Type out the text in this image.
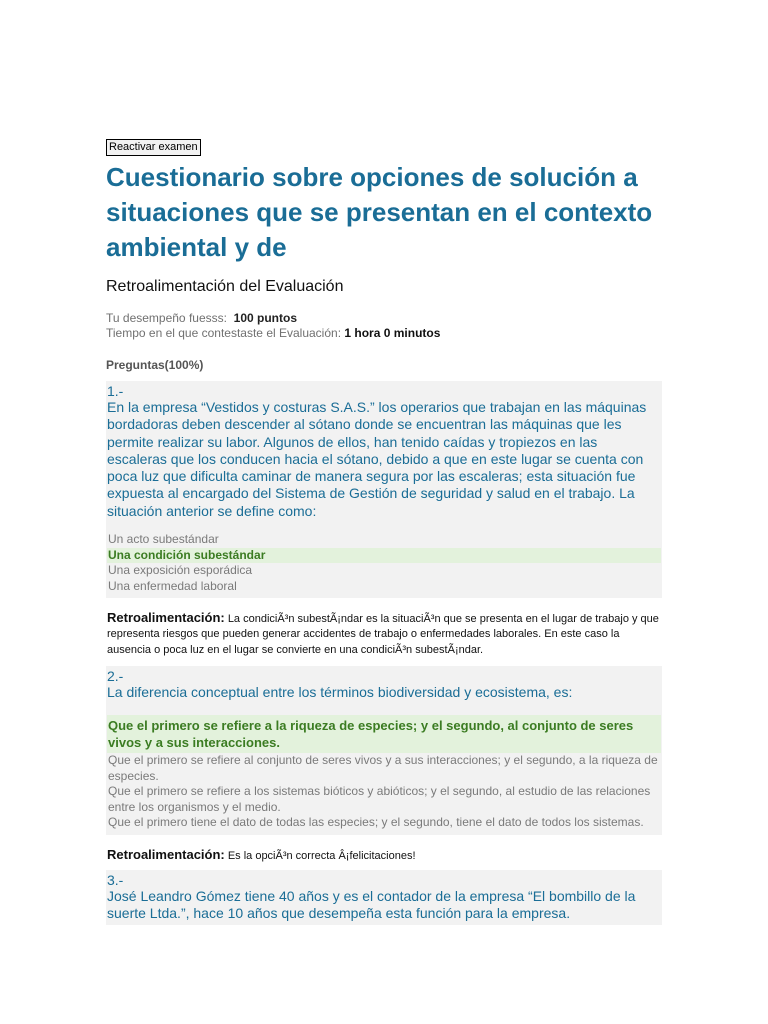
Reactivar examen
Cuestionario sobre opciones de solución a situaciones que se presentan en el contexto ambiental y de
Retroalimentación del Evaluación
Tu desempeño fuesss: 100 puntos
Tiempo en el que contestaste el Evaluación: 1 hora 0 minutos
Preguntas(100%)
1.-
En la empresa “Vestidos y costuras S.A.S.” los operarios que trabajan en las máquinas bordadoras deben descender al sótano donde se encuentran las máquinas que les permite realizar su labor. Algunos de ellos, han tenido caídas y tropiezos en las escaleras que los conducen hacia el sótano, debido a que en este lugar se cuenta con poca luz que dificulta caminar de manera segura por las escaleras; esta situación fue expuesta al encargado del Sistema de Gestión de seguridad y salud en el trabajo. La situación anterior se define como:
Un acto subestándar
Una condición subestándar
Una exposición esporádica
Una enfermedad laboral
Retroalimentación: La condiciÃ³n subestÃ¡ndar es la situaciÃ³n que se presenta en el lugar de trabajo y que representa riesgos que pueden generar accidentes de trabajo o enfermedades laborales. En este caso la ausencia o poca luz en el lugar se convierte en una condiciÃ³n subestÃ¡ndar.
2.-
La diferencia conceptual entre los términos biodiversidad y ecosistema, es:
Que el primero se refiere a la riqueza de especies; y el segundo, al conjunto de seres vivos y a sus interacciones.
Que el primero se refiere al conjunto de seres vivos y a sus interacciones; y el segundo, a la riqueza de especies.
Que el primero se refiere a los sistemas bióticos y abióticos; y el segundo, al estudio de las relaciones entre los organismos y el medio.
Que el primero tiene el dato de todas las especies; y el segundo, tiene el dato de todos los sistemas.
Retroalimentación: Es la opciÃ³n correcta Â¡felicitaciones!
3.-
José Leandro Gómez tiene 40 años y es el contador de la empresa “El bombillo de la suerte Ltda.”, hace 10 años que desempeña esta función para la empresa.
